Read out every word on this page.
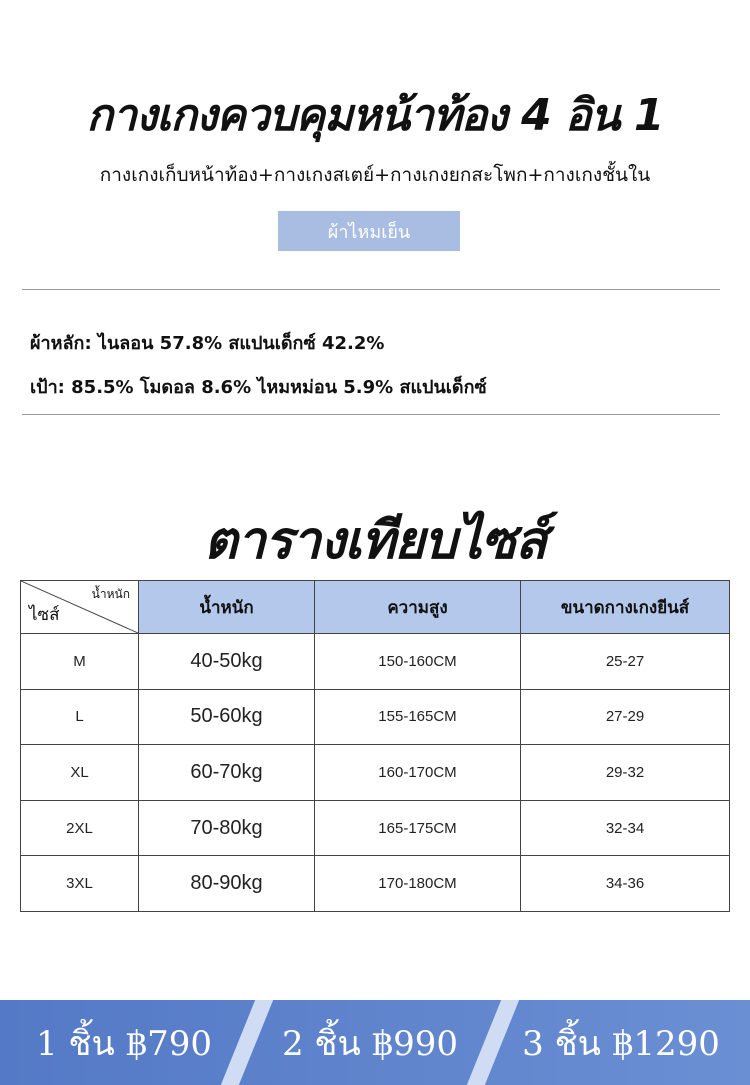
กางเกงควบคุมหน้าท้อง 4 อิน 1
กางเกงเก็บหน้าท้อง+กางเกงสเตย์+กางเกงยกสะโพก+กางเกงชั้นใน
ผ้าไหมเย็น
ผ้าหลัก: ไนลอน 57.8% สแปนเด็กซ์ 42.2%
เป้า: 85.5% โมดอล 8.6% ไหมหม่อน 5.9% สแปนเด็กซ์
ตารางเทียบไซส์
น้ำหนัก
ไซส์	น้ำหนัก	ความสูง	ขนาดกางเกงยีนส์
M	40-50kg	150-160CM	25-27
L	50-60kg	155-165CM	27-29
XL	60-70kg	160-170CM	29-32
2XL	70-80kg	165-175CM	32-34
3XL	80-90kg	170-180CM	34-36
1 ชิ้น ฿790	2 ชิ้น ฿990	3 ชิ้น ฿1290
